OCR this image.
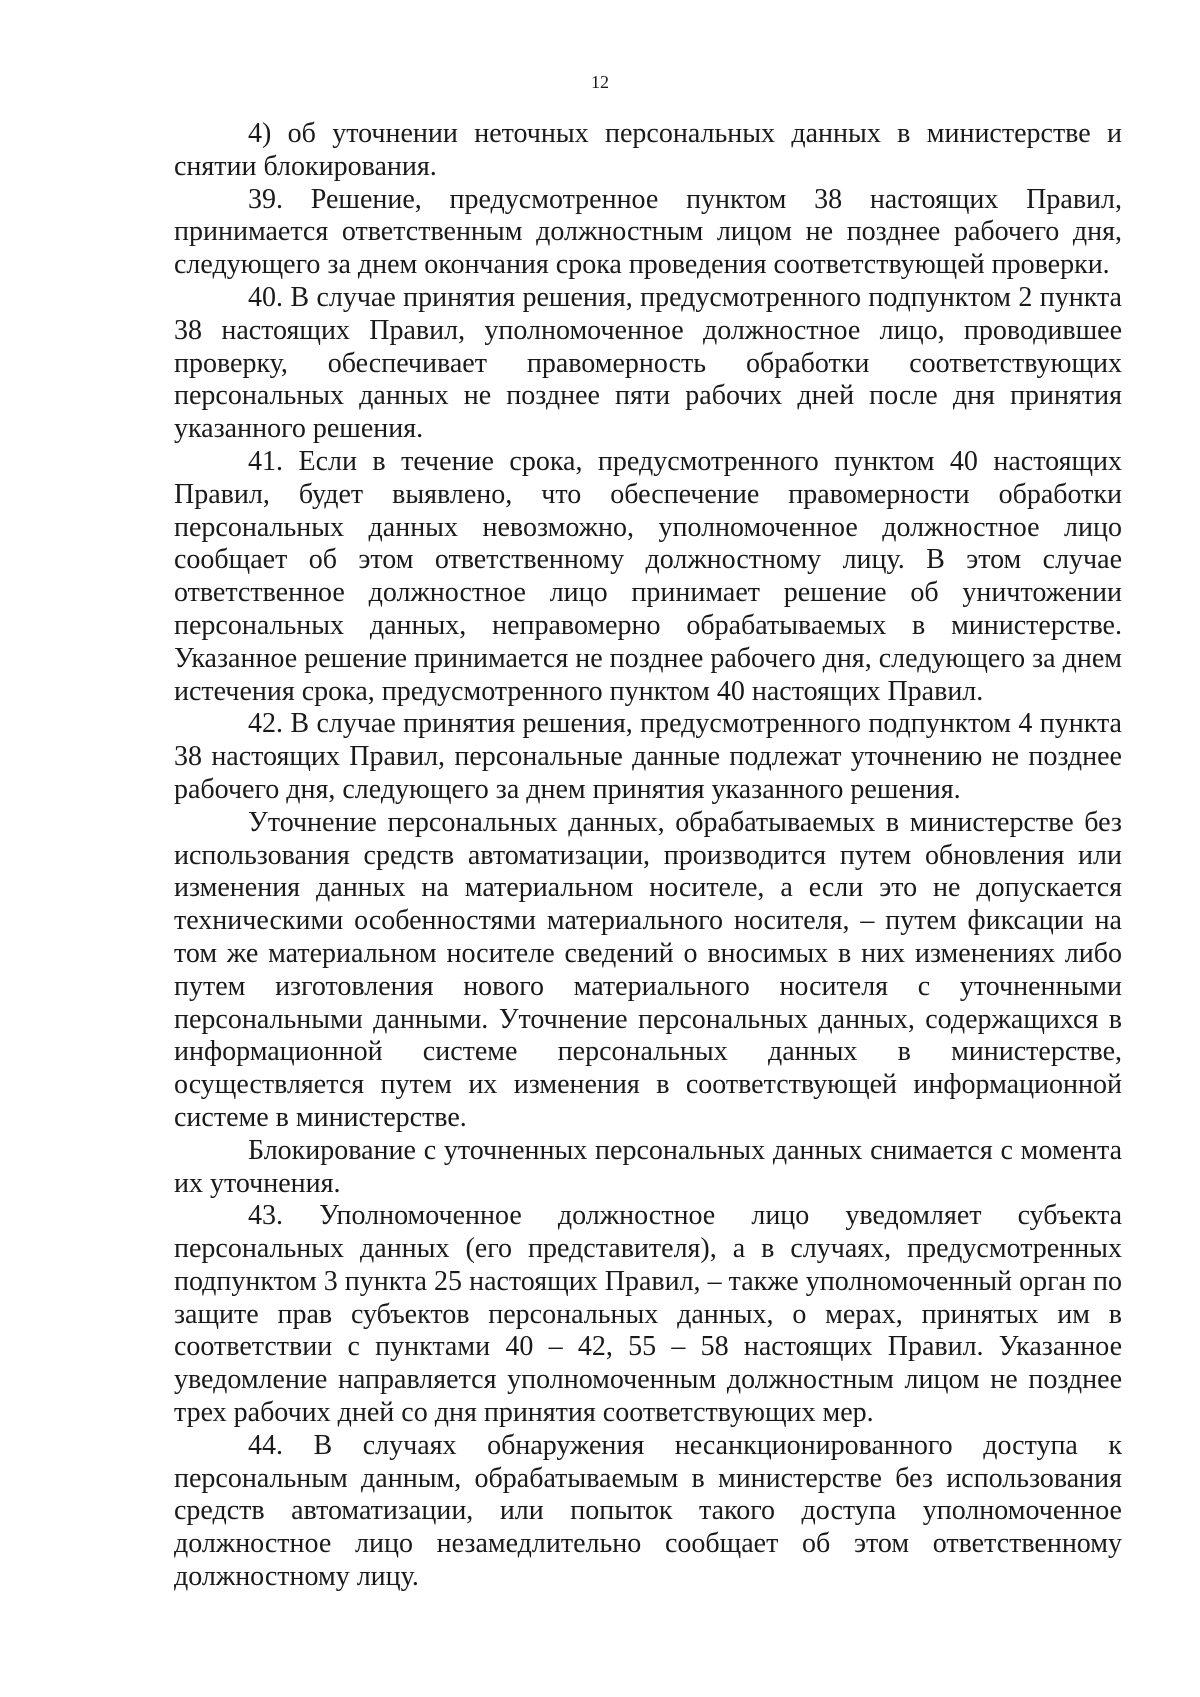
12

4) об уточнении неточных персональных данных в министерстве и снятии блокирования.

39. Решение, предусмотренное пунктом 38 настоящих Правил, принимается ответственным должностным лицом не позднее рабочего дня, следующего за днем окончания срока проведения соответствующей проверки.

40. В случае принятия решения, предусмотренного подпунктом 2 пункта 38 настоящих Правил, уполномоченное должностное лицо, проводившее проверку, обеспечивает правомерность обработки соответствующих персональных данных не позднее пяти рабочих дней после дня принятия указанного решения.

41. Если в течение срока, предусмотренного пунктом 40 настоящих Правил, будет выявлено, что обеспечение правомерности обработки персональных данных невозможно, уполномоченное должностное лицо сообщает об этом ответственному должностному лицу. В этом случае ответственное должностное лицо принимает решение об уничтожении персональных данных, неправомерно обрабатываемых в министерстве. Указанное решение принимается не позднее рабочего дня, следующего за днем истечения срока, предусмотренного пунктом 40 настоящих Правил.

42. В случае принятия решения, предусмотренного подпунктом 4 пункта 38 настоящих Правил, персональные данные подлежат уточнению не позднее рабочего дня, следующего за днем принятия указанного решения.

Уточнение персональных данных, обрабатываемых в министерстве без использования средств автоматизации, производится путем обновления или изменения данных на материальном носителе, а если это не допускается техническими особенностями материального носителя, – путем фиксации на том же материальном носителе сведений о вносимых в них изменениях либо путем изготовления нового материального носителя с уточненными персональными данными. Уточнение персональных данных, содержащихся в информационной системе персональных данных в министерстве, осуществляется путем их изменения в соответствующей информационной системе в министерстве.

Блокирование с уточненных персональных данных снимается с момента их уточнения.

43. Уполномоченное должностное лицо уведомляет субъекта персональных данных (его представителя), а в случаях, предусмотренных подпунктом 3 пункта 25 настоящих Правил, – также уполномоченный орган по защите прав субъектов персональных данных, о мерах, принятых им в соответствии с пунктами 40 – 42, 55 – 58 настоящих Правил. Указанное уведомление направляется уполномоченным должностным лицом не позднее трех рабочих дней со дня принятия соответствующих мер.

44. В случаях обнаружения несанкционированного доступа к персональным данным, обрабатываемым в министерстве без использования средств автоматизации, или попыток такого доступа уполномоченное должностное лицо незамедлительно сообщает об этом ответственному должностному лицу.
